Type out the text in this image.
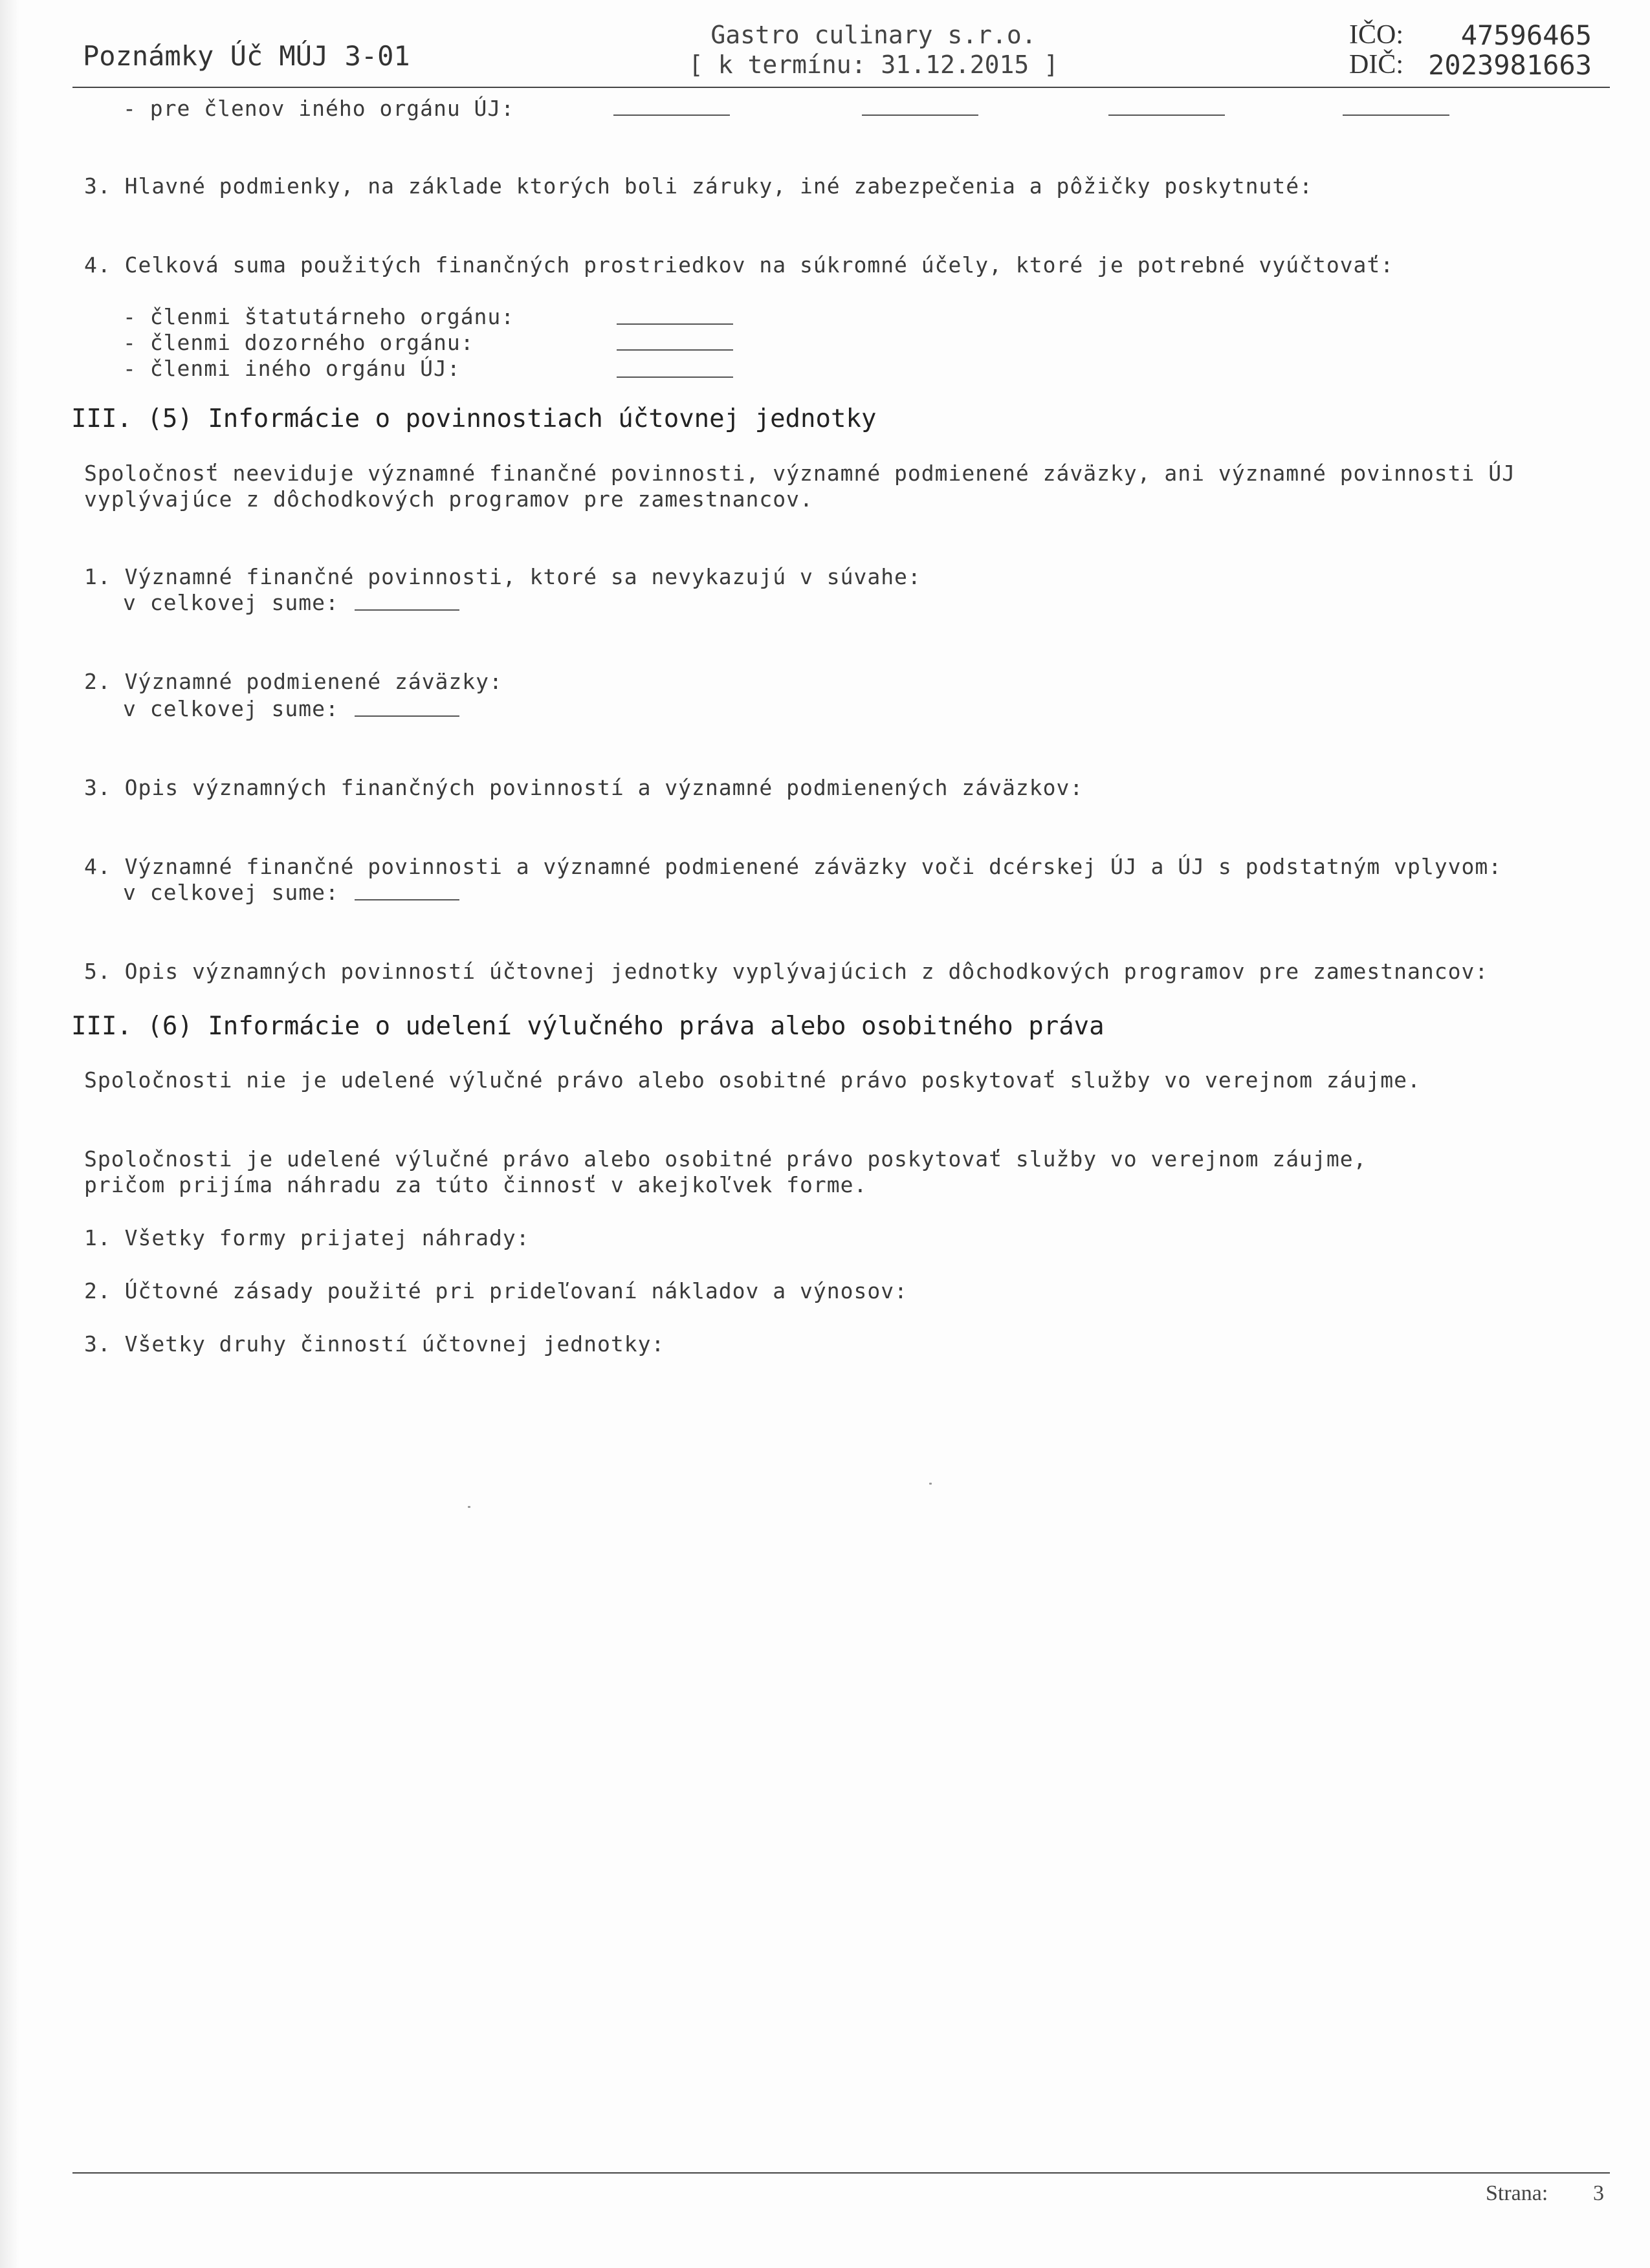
Poznámky Úč MÚJ 3-01
Gastro culinary s.r.o.
[ k termínu: 31.12.2015 ]
IČO:	47596465
DIČ: 2023981663
- pre členov iného orgánu ÚJ:
3. Hlavné podmienky, na základe ktorých boli záruky, iné zabezpečenia a pôžičky poskytnuté:
4. Celková suma použitých finančných prostriedkov na súkromné účely, ktoré je potrebné vyúčtovať:
- členmi štatutárneho orgánu:
- členmi dozorného orgánu:
- členmi iného orgánu ÚJ:
III. (5) Informácie o povinnostiach účtovnej jednotky
Spoločnosť neeviduje významné finančné povinnosti, významné podmienené záväzky, ani významné povinnosti ÚJ
vyplývajúce z dôchodkových programov pre zamestnancov.
1. Významné finančné povinnosti, ktoré sa nevykazujú v súvahe:
v celkovej sume:
2. Významné podmienené záväzky:
v celkovej sume:
3. Opis významných finančných povinností a významné podmienených záväzkov:
4. Významné finančné povinnosti a významné podmienené záväzky voči dcérskej ÚJ a ÚJ s podstatným vplyvom:
v celkovej sume:
5. Opis významných povinností účtovnej jednotky vyplývajúcich z dôchodkových programov pre zamestnancov:
III. (6) Informácie o udelení výlučného práva alebo osobitného práva
Spoločnosti nie je udelené výlučné právo alebo osobitné právo poskytovať služby vo verejnom záujme.
Spoločnosti je udelené výlučné právo alebo osobitné právo poskytovať služby vo verejnom záujme,
pričom prijíma náhradu za túto činnosť v akejkoľvek forme.
1. Všetky formy prijatej náhrady:
2. Účtovné zásady použité pri prideľovaní nákladov a výnosov:
3. Všetky druhy činností účtovnej jednotky:
Strana: 3
